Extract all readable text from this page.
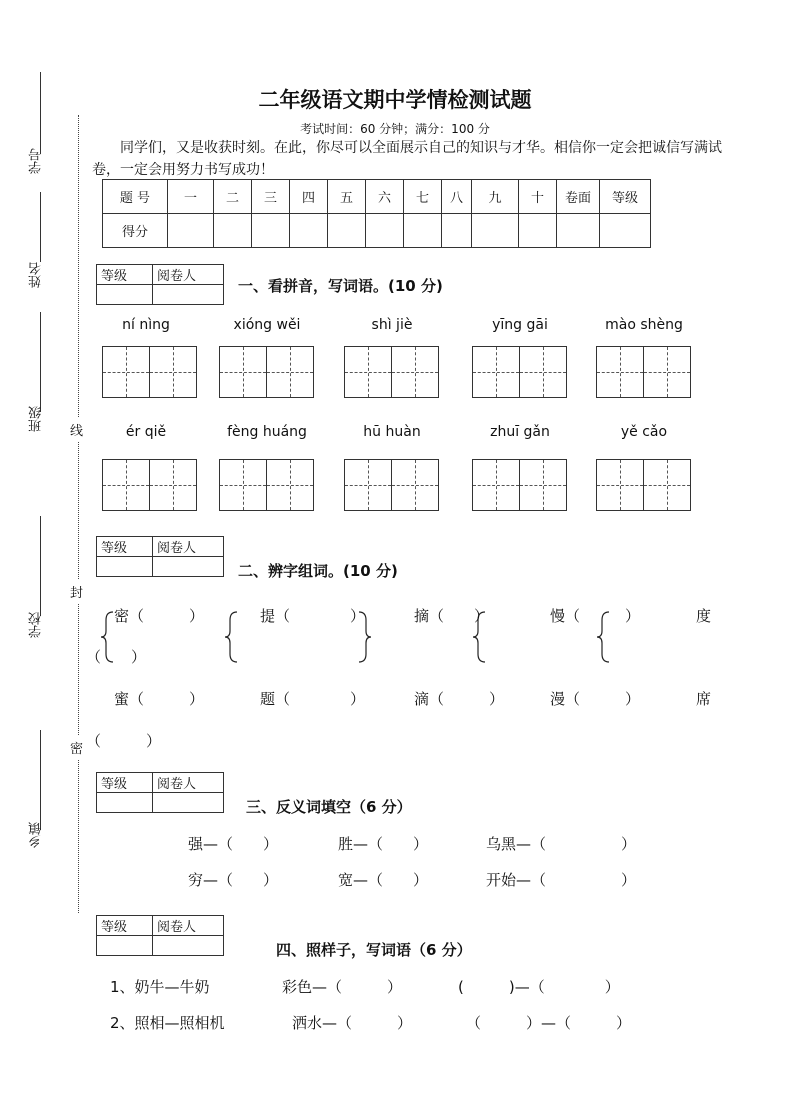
学号
姓名
班级
学校
乡镇
线
封
密
二年级语文期中学情检测试题
考试时间：60 分钟；满分：100 分
同学们，又是收获时刻。在此，你尽可以全面展示自己的知识与才华。相信你一定会把诚信写满试卷，一定会用努力书写成功！
题 号	一	二	三	四	五	六	七	八	九	十	卷面	等级
得分												
等级	阅卷人

一、看拼音，写词语。(10 分)
ní nìng	xióng wěi	shì jiè	yīng gāi	mào shèng
ér qiě	fèng huáng	hū huàn	zhuī gǎn	yě cǎo
等级	阅卷人

二、辨字组词。(10 分)
密（　　　）	提（　　　　）	摘（　　）	慢（　　　）	度
（　　）
蜜（　　　）	题（　　　　）	滴（　　　）	漫（　　　）	席
（　　　）
等级	阅卷人

三、反义词填空（6 分）
强—（　　）	胜—（　　）	乌黑—（　　　　　）
穷—（　　）	宽—（　　）	开始—（　　　　　）
等级	阅卷人

四、照样子，写词语（6 分）
1、奶牛—牛奶	彩色—（　　　）	(　　　)—（　　　　）
2、照相—照相机	洒水—（　　　）	（　　　）—（　　　）
